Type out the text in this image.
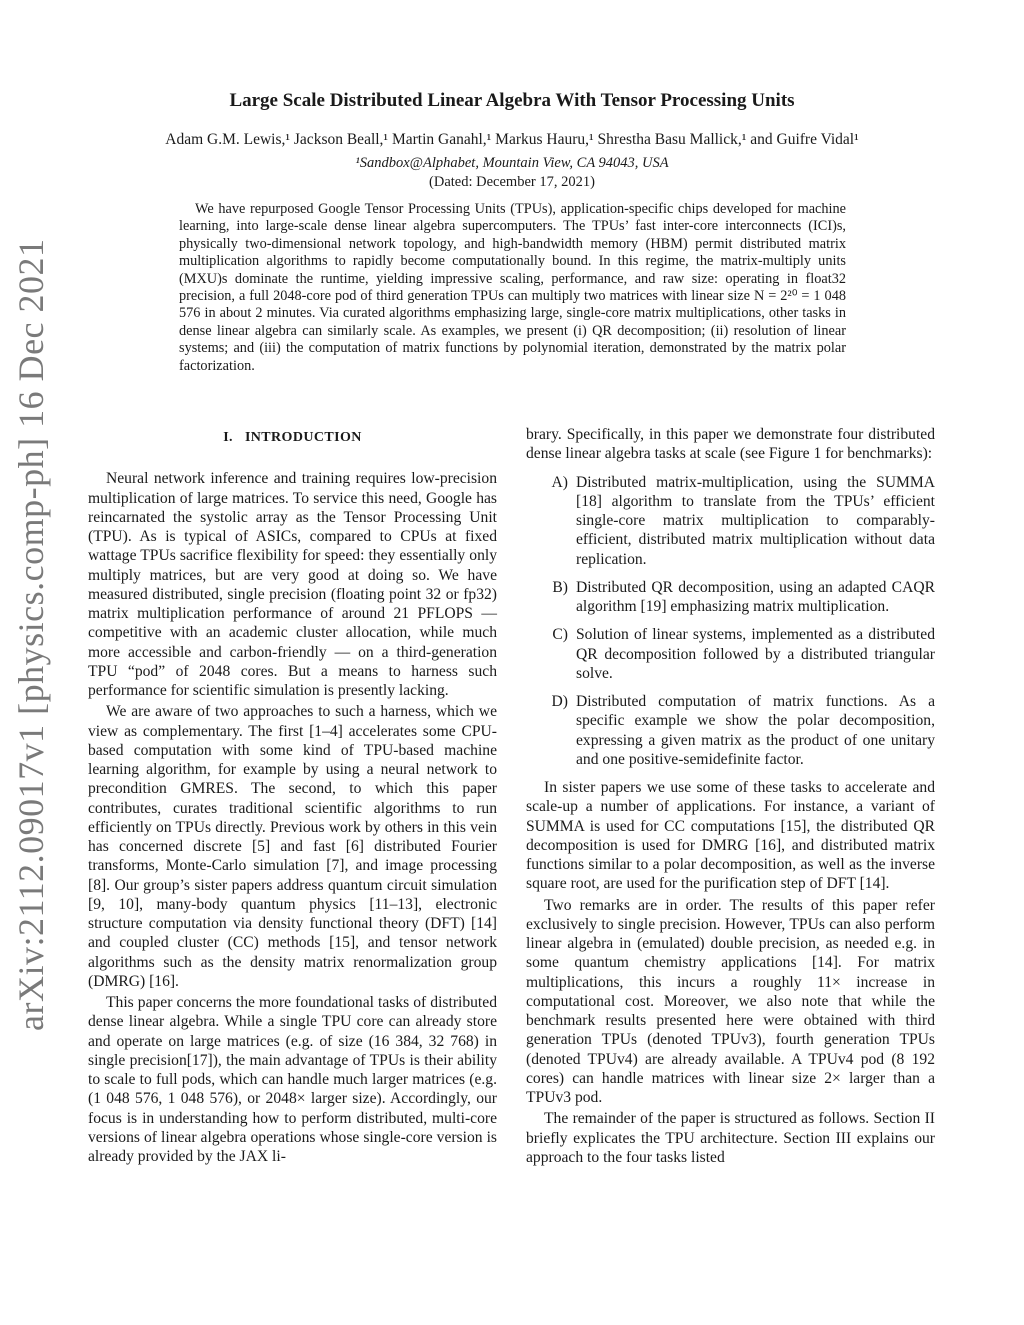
arXiv:2112.09017v1 [physics.comp-ph] 16 Dec 2021
Large Scale Distributed Linear Algebra With Tensor Processing Units
Adam G.M. Lewis,¹ Jackson Beall,¹ Martin Ganahl,¹ Markus Hauru,¹ Shrestha Basu Mallick,¹ and Guifre Vidal¹
¹Sandbox@Alphabet, Mountain View, CA 94043, USA
(Dated: December 17, 2021)

We have repurposed Google Tensor Processing Units (TPUs), application-specific chips developed for machine learning, into large-scale dense linear algebra supercomputers. The TPUs’ fast inter-core interconnects (ICI)s, physically two-dimensional network topology, and high-bandwidth memory (HBM) permit distributed matrix multiplication algorithms to rapidly become computationally bound. In this regime, the matrix-multiply units (MXU)s dominate the runtime, yielding impressive scaling, performance, and raw size: operating in float32 precision, a full 2048-core pod of third generation TPUs can multiply two matrices with linear size N = 2²⁰ = 1 048 576 in about 2 minutes. Via curated algorithms emphasizing large, single-core matrix multiplications, other tasks in dense linear algebra can similarly scale. As examples, we present (i) QR decomposition; (ii) resolution of linear systems; and (iii) the computation of matrix functions by polynomial iteration, demonstrated by the matrix polar factorization.

I. INTRODUCTION

Neural network inference and training requires low-precision multiplication of large matrices. To service this need, Google has reincarnated the systolic array as the Tensor Processing Unit (TPU). As is typical of ASICs, compared to CPUs at fixed wattage TPUs sacrifice flexibility for speed: they essentially only multiply matrices, but are very good at doing so. We have measured distributed, single precision (floating point 32 or fp32) matrix multiplication performance of around 21 PFLOPS — competitive with an academic cluster allocation, while much more accessible and carbon-friendly — on a third-generation TPU “pod” of 2048 cores. But a means to harness such performance for scientific simulation is presently lacking.

We are aware of two approaches to such a harness, which we view as complementary. The first [1–4] accelerates some CPU-based computation with some kind of TPU-based machine learning algorithm, for example by using a neural network to precondition GMRES. The second, to which this paper contributes, curates traditional scientific algorithms to run efficiently on TPUs directly. Previous work by others in this vein has concerned discrete [5] and fast [6] distributed Fourier transforms, Monte-Carlo simulation [7], and image processing [8]. Our group’s sister papers address quantum circuit simulation [9, 10], many-body quantum physics [11–13], electronic structure computation via density functional theory (DFT) [14] and coupled cluster (CC) methods [15], and tensor network algorithms such as the density matrix renormalization group (DMRG) [16].

This paper concerns the more foundational tasks of distributed dense linear algebra. While a single TPU core can already store and operate on large matrices (e.g. of size (16 384, 32 768) in single precision[17]), the main advantage of TPUs is their ability to scale to full pods, which can handle much larger matrices (e.g. (1 048 576, 1 048 576), or 2048× larger size). Accordingly, our focus is in understanding how to perform distributed, multi-core versions of linear algebra operations whose single-core version is already provided by the JAX li-

brary. Specifically, in this paper we demonstrate four distributed dense linear algebra tasks at scale (see Figure 1 for benchmarks):

A) Distributed matrix-multiplication, using the SUMMA [18] algorithm to translate from the TPUs’ efficient single-core matrix multiplication to comparably-efficient, distributed matrix multiplication without data replication.
B) Distributed QR decomposition, using an adapted CAQR algorithm [19] emphasizing matrix multiplication.
C) Solution of linear systems, implemented as a distributed QR decomposition followed by a distributed triangular solve.
D) Distributed computation of matrix functions. As a specific example we show the polar decomposition, expressing a given matrix as the product of one unitary and one positive-semidefinite factor.

In sister papers we use some of these tasks to accelerate and scale-up a number of applications. For instance, a variant of SUMMA is used for CC computations [15], the distributed QR decomposition is used for DMRG [16], and distributed matrix functions similar to a polar decomposition, as well as the inverse square root, are used for the purification step of DFT [14].

Two remarks are in order. The results of this paper refer exclusively to single precision. However, TPUs can also perform linear algebra in (emulated) double precision, as needed e.g. in some quantum chemistry applications [14]. For matrix multiplications, this incurs a roughly 11× increase in computational cost. Moreover, we also note that while the benchmark results presented here were obtained with third generation TPUs (denoted TPUv3), fourth generation TPUs (denoted TPUv4) are already available. A TPUv4 pod (8 192 cores) can handle matrices with linear size 2× larger than a TPUv3 pod.

The remainder of the paper is structured as follows. Section II briefly explicates the TPU architecture. Section III explains our approach to the four tasks listed
